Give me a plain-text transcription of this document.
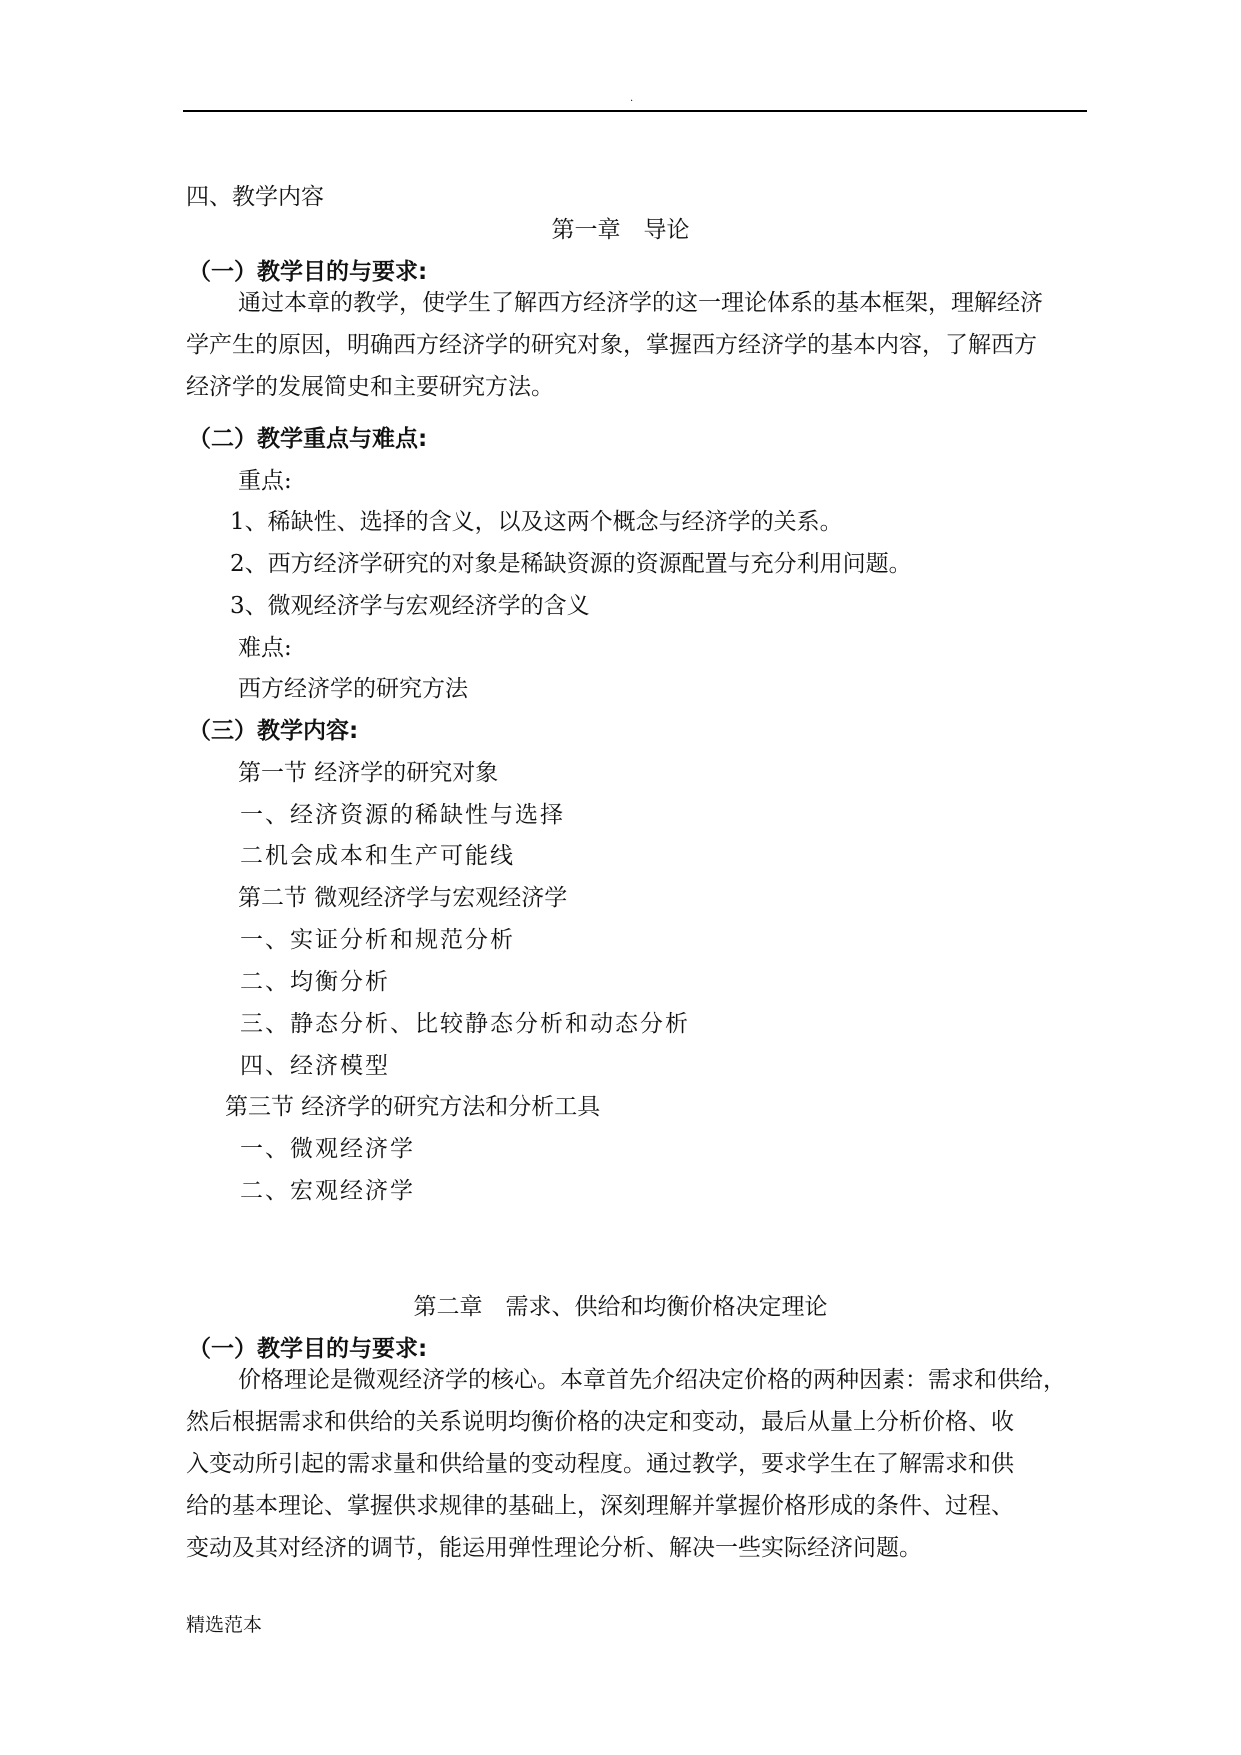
.
四、教学内容
第一章　导论
（一）教学目的与要求:
通过本章的教学，使学生了解西方经济学的这一理论体系的基本框架，理解经济
学产生的原因，明确西方经济学的研究对象，掌握西方经济学的基本内容，了解西方
经济学的发展简史和主要研究方法。
（二）教学重点与难点:
重点:
1、稀缺性、选择的含义，以及这两个概念与经济学的关系。
2、西方经济学研究的对象是稀缺资源的资源配置与充分利用问题。
3、微观经济学与宏观经济学的含义
难点:
西方经济学的研究方法
（三）教学内容:
第一节 经济学的研究对象
一、经济资源的稀缺性与选择
二机会成本和生产可能线
第二节 微观经济学与宏观经济学
一、实证分析和规范分析
二、均衡分析
三、静态分析、比较静态分析和动态分析
四、经济模型
第三节 经济学的研究方法和分析工具
一、微观经济学
二、宏观经济学
第二章　需求、供给和均衡价格决定理论
（一）教学目的与要求:
价格理论是微观经济学的核心。本章首先介绍决定价格的两种因素：需求和供给，
然后根据需求和供给的关系说明均衡价格的决定和变动，最后从量上分析价格、收
入变动所引起的需求量和供给量的变动程度。通过教学，要求学生在了解需求和供
给的基本理论、掌握供求规律的基础上，深刻理解并掌握价格形成的条件、过程、
变动及其对经济的调节，能运用弹性理论分析、解决一些实际经济问题。
精选范本
